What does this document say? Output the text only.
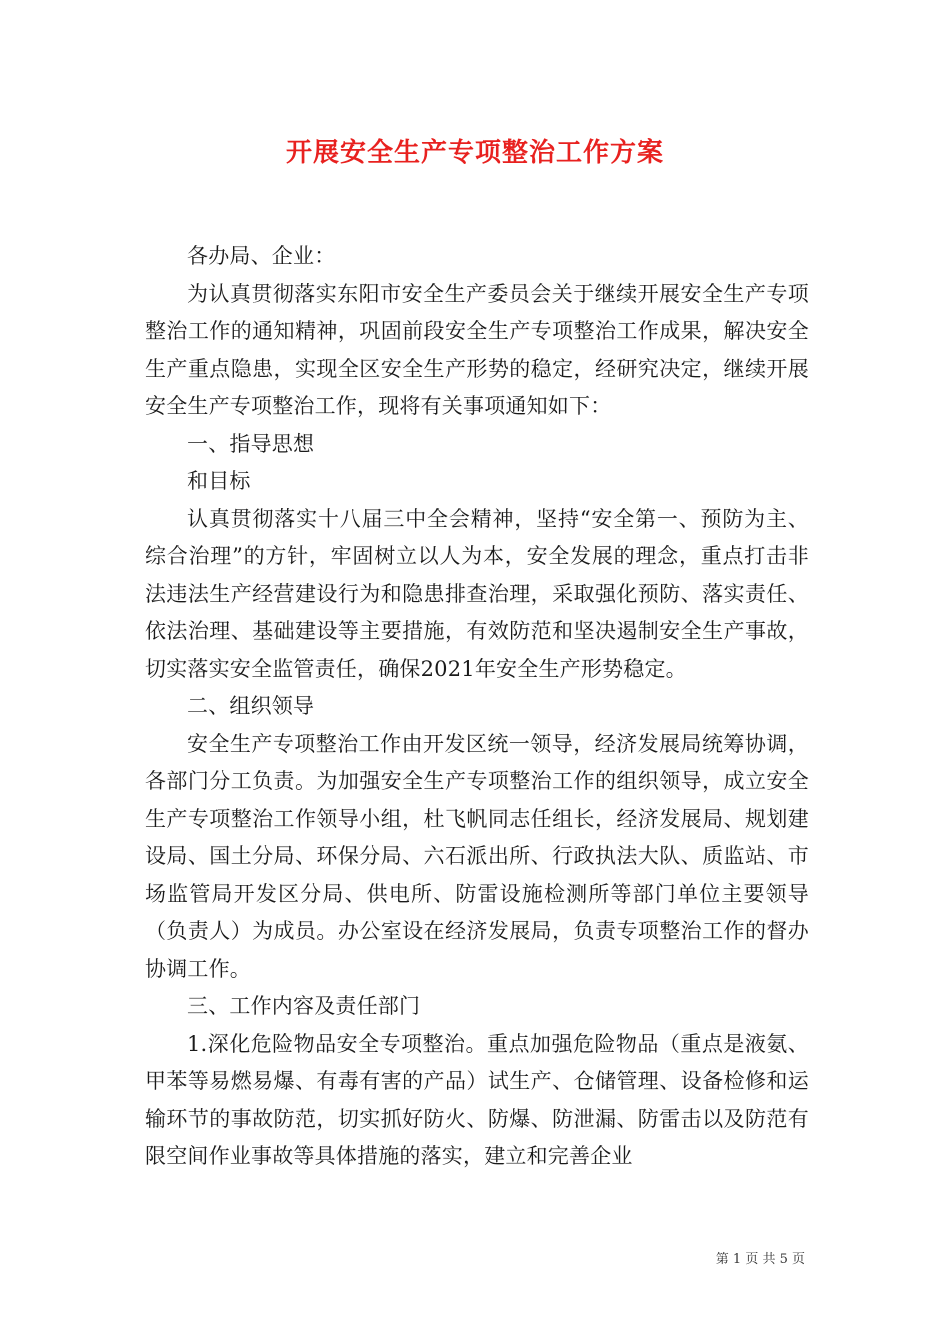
开展安全生产专项整治工作方案

各办局、企业：

为认真贯彻落实东阳市安全生产委员会关于继续开展安全生产专项整治工作的通知精神，巩固前段安全生产专项整治工作成果，解决安全生产重点隐患，实现全区安全生产形势的稳定，经研究决定，继续开展安全生产专项整治工作，现将有关事项通知如下：

一、指导思想

和目标

认真贯彻落实十八届三中全会精神，坚持“安全第一、预防为主、综合治理”的方针，牢固树立以人为本，安全发展的理念，重点打击非法违法生产经营建设行为和隐患排查治理，采取强化预防、落实责任、依法治理、基础建设等主要措施，有效防范和坚决遏制安全生产事故，切实落实安全监管责任，确保2021年安全生产形势稳定。

二、组织领导

安全生产专项整治工作由开发区统一领导，经济发展局统筹协调，各部门分工负责。为加强安全生产专项整治工作的组织领导，成立安全生产专项整治工作领导小组，杜飞帆同志任组长，经济发展局、规划建设局、国土分局、环保分局、六石派出所、行政执法大队、质监站、市场监管局开发区分局、供电所、防雷设施检测所等部门单位主要领导（负责人）为成员。办公室设在经济发展局，负责专项整治工作的督办协调工作。

三、工作内容及责任部门

1.深化危险物品安全专项整治。重点加强危险物品（重点是液氨、甲苯等易燃易爆、有毒有害的产品）试生产、仓储管理、设备检修和运输环节的事故防范，切实抓好防火、防爆、防泄漏、防雷击以及防范有限空间作业事故等具体措施的落实，建立和完善企业

第 1 页 共 5 页
